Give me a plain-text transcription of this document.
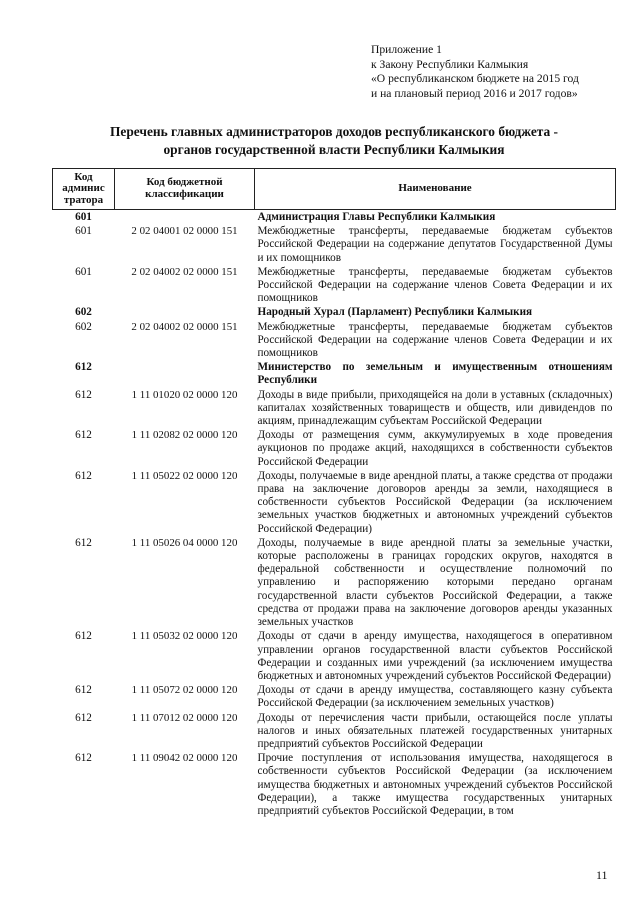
Приложение 1
к Закону Республики Калмыкия
«О республиканском бюджете на 2015 год
и на плановый период 2016 и 2017 годов»
Перечень главных администраторов доходов республиканского бюджета -
органов государственной власти Республики Калмыкия
Код админис тратора	Код бюджетной классификации	Наименование
601		Администрация Главы Республики Калмыкия
601	2 02 04001 02 0000 151	Межбюджетные трансферты, передаваемые бюджетам субъектов Российской Федерации на содержание депутатов Государственной Думы и их помощников
601	2 02 04002 02 0000 151	Межбюджетные трансферты, передаваемые бюджетам субъектов Российской Федерации на содержание членов Совета Федерации и их помощников
602		Народный Хурал (Парламент) Республики Калмыкия
602	2 02 04002 02 0000 151	Межбюджетные трансферты, передаваемые бюджетам субъектов Российской Федерации на содержание членов Совета Федерации и их помощников
612		Министерство по земельным и имущественным отношениям Республики
612	1 11 01020 02 0000 120	Доходы в виде прибыли, приходящейся на доли в уставных (складочных) капиталах хозяйственных товариществ и обществ, или дивидендов по акциям, принадлежащим субъектам Российской Федерации
612	1 11 02082 02 0000 120	Доходы от размещения сумм, аккумулируемых в ходе проведения аукционов по продаже акций, находящихся в собственности субъектов Российской Федерации
612	1 11 05022 02 0000 120	Доходы, получаемые в виде арендной платы, а также средства от продажи права на заключение договоров аренды за земли, находящиеся в собственности субъектов Российской Федерации (за исключением земельных участков бюджетных и автономных учреждений субъектов Российской Федерации)
612	1 11 05026 04 0000 120	Доходы, получаемые в виде арендной платы за земельные участки, которые расположены в границах городских округов, находятся в федеральной собственности и осуществление полномочий по управлению и распоряжению которыми передано органам государственной власти субъектов Российской Федерации, а также средства от продажи права на заключение договоров аренды указанных земельных участков
612	1 11 05032 02 0000 120	Доходы от сдачи в аренду имущества, находящегося в оперативном управлении органов государственной власти субъектов Российской Федерации и созданных ими учреждений (за исключением имущества бюджетных и автономных учреждений субъектов Российской Федерации)
612	1 11 05072 02 0000 120	Доходы от сдачи в аренду имущества, составляющего казну субъекта Российской Федерации (за исключением земельных участков)
612	1 11 07012 02 0000 120	Доходы от перечисления части прибыли, остающейся после уплаты налогов и иных обязательных платежей государственных унитарных предприятий субъектов Российской Федерации
612	1 11 09042 02 0000 120	Прочие поступления от использования имущества, находящегося в собственности субъектов Российской Федерации (за исключением имущества бюджетных и автономных учреждений субъектов Российской Федерации), а также имущества государственных унитарных предприятий субъектов Российской Федерации, в том
11
